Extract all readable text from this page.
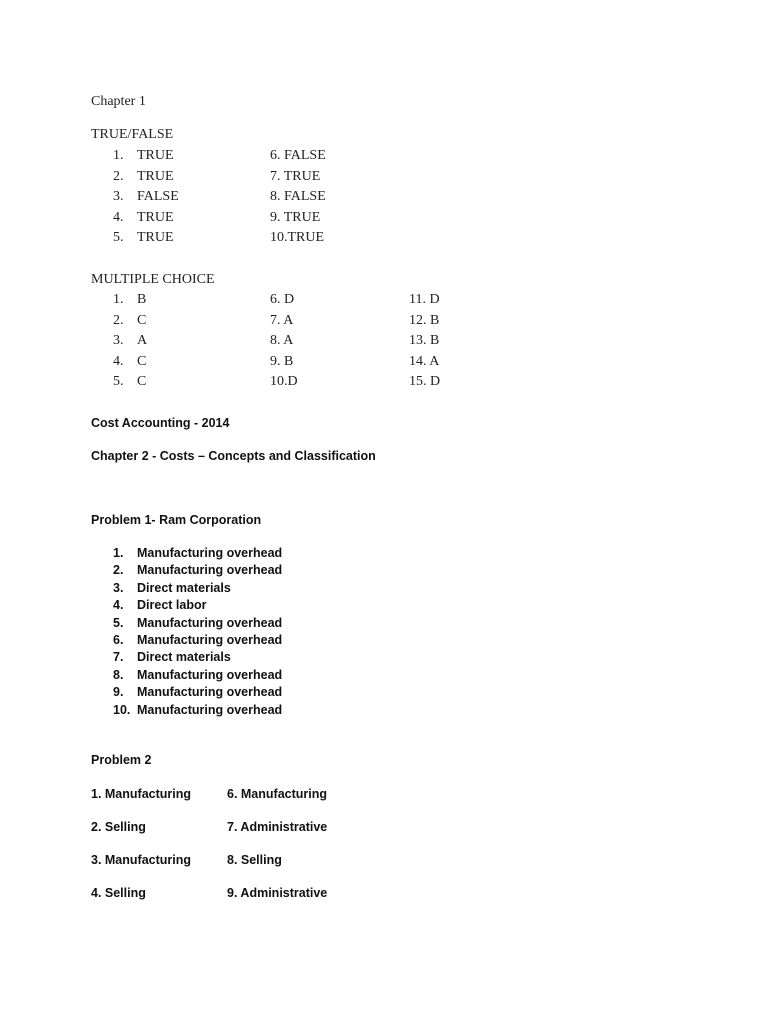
Chapter 1
TRUE/FALSE
1. TRUE
2. TRUE
3. FALSE
4. TRUE
5. TRUE
6. FALSE
7. TRUE
8. FALSE
9. TRUE
10.TRUE
MULTIPLE CHOICE
1. B
2. C
3. A
4. C
5. C
6. D
7. A
8. A
9. B
10.D
11. D
12. B
13. B
14. A
15. D
Cost Accounting - 2014
Chapter 2 - Costs – Concepts and Classification
Problem 1- Ram Corporation
1. Manufacturing overhead
2. Manufacturing overhead
3. Direct materials
4. Direct labor
5. Manufacturing overhead
6. Manufacturing overhead
7. Direct materials
8. Manufacturing overhead
9. Manufacturing overhead
10. Manufacturing overhead
Problem 2
1. Manufacturing
2. Selling
3. Manufacturing
4. Selling
6. Manufacturing
7. Administrative
8. Selling
9. Administrative
